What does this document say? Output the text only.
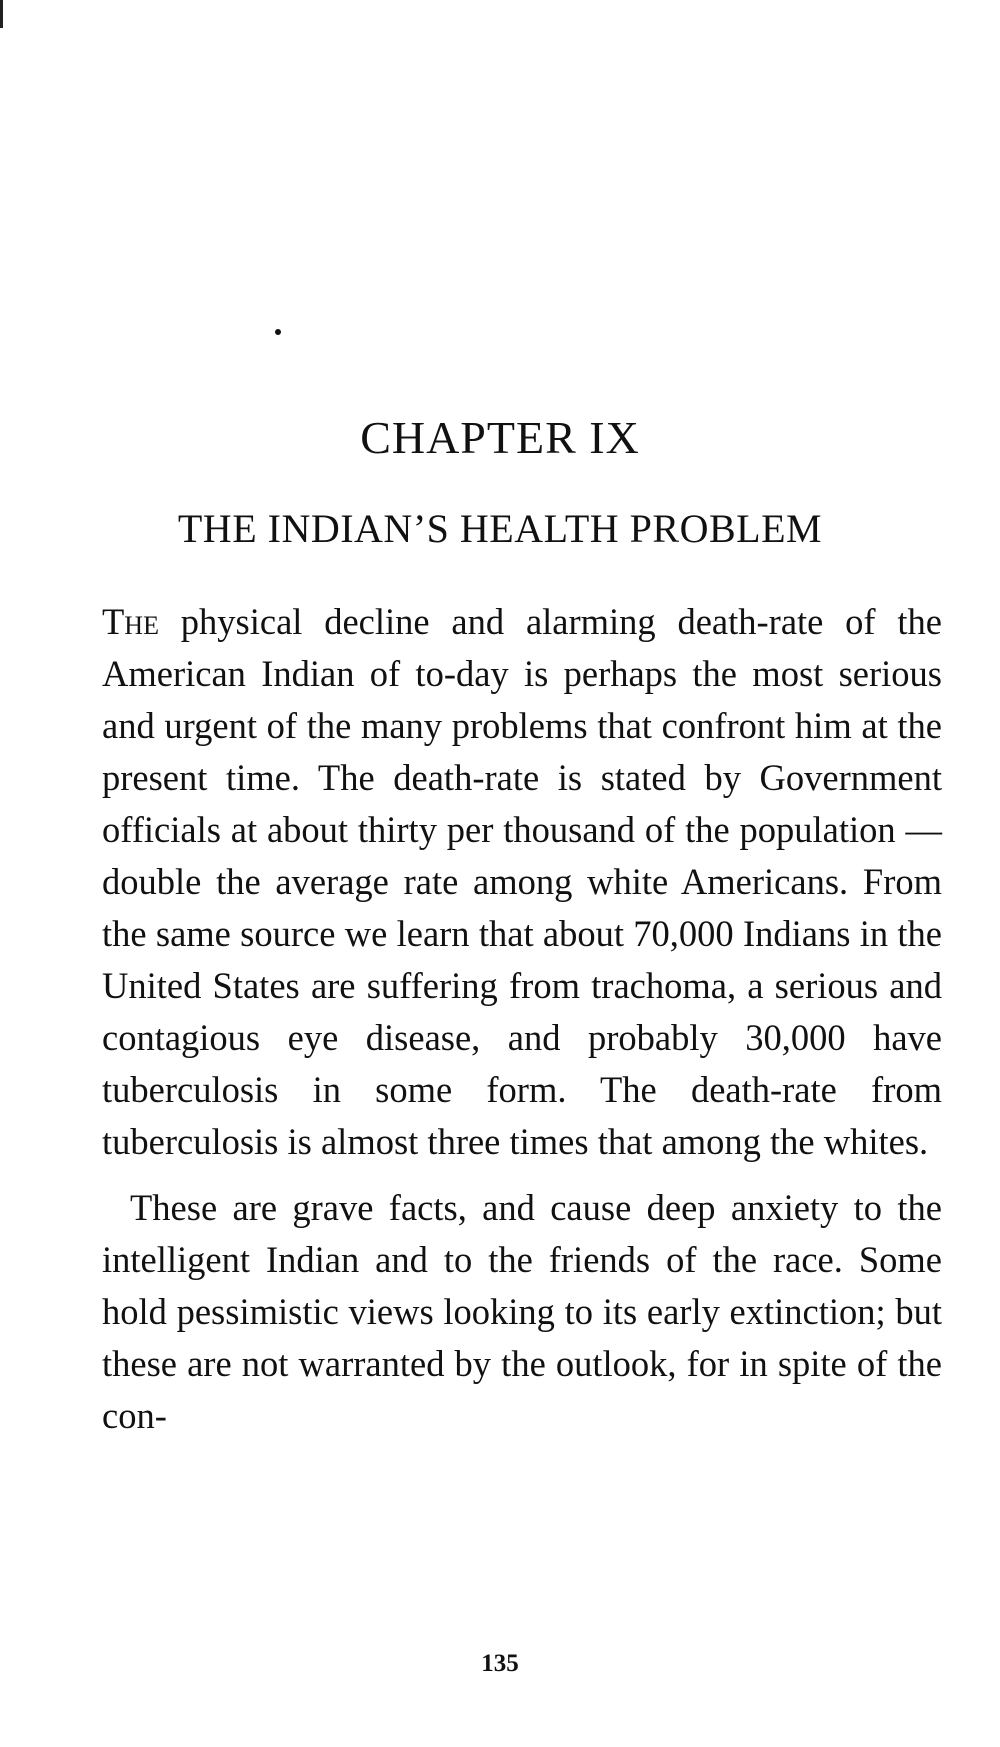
CHAPTER IX
THE INDIAN’S HEALTH PROBLEM

The physical decline and alarming death-rate of the American Indian of to-day is perhaps the most serious and urgent of the many problems that confront him at the present time. The death-rate is stated by Government officials at about thirty per thousand of the population —double the average rate among white Americans. From the same source we learn that about 70,000 Indians in the United States are suffering from trachoma, a serious and contagious eye disease, and probably 30,000 have tuberculosis in some form. The death-rate from tuberculosis is almost three times that among the whites.

These are grave facts, and cause deep anxiety to the intelligent Indian and to the friends of the race. Some hold pessimistic views looking to its early extinction; but these are not warranted by the outlook, for in spite of the con-

135
